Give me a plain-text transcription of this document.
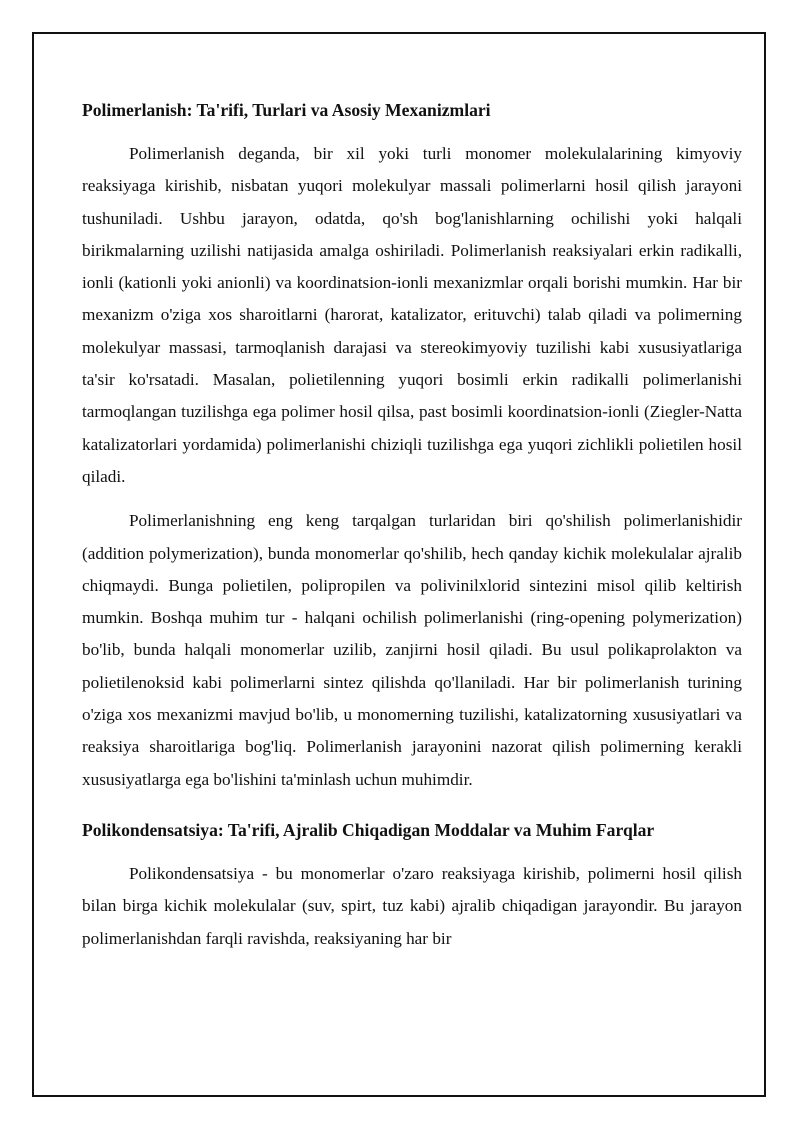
Polimerlanish: Ta'rifi, Turlari va Asosiy Mexanizmlari

Polimerlanish deganda, bir xil yoki turli monomer molekulalarining kimyoviy reaksiyaga kirishib, nisbatan yuqori molekulyar massali polimerlarni hosil qilish jarayoni tushuniladi. Ushbu jarayon, odatda, qo'sh bog'lanishlarning ochilishi yoki halqali birikmalarning uzilishi natijasida amalga oshiriladi. Polimerlanish reaksiyalari erkin radikalli, ionli (kationli yoki anionli) va koordinatsion-ionli mexanizmlar orqali borishi mumkin. Har bir mexanizm o'ziga xos sharoitlarni (harorat, katalizator, erituvchi) talab qiladi va polimerning molekulyar massasi, tarmoqlanish darajasi va stereokimyoviy tuzilishi kabi xususiyatlariga ta'sir ko'rsatadi. Masalan, polietilenning yuqori bosimli erkin radikalli polimerlanishi tarmoqlangan tuzilishga ega polimer hosil qilsa, past bosimli koordinatsion-ionli (Ziegler-Natta katalizatorlari yordamida) polimerlanishi chiziqli tuzilishga ega yuqori zichlikli polietilen hosil qiladi.

Polimerlanishning eng keng tarqalgan turlaridan biri qo'shilish polimerlanishidir (addition polymerization), bunda monomerlar qo'shilib, hech qanday kichik molekulalar ajralib chiqmaydi. Bunga polietilen, polipropilen va polivinilxlorid sintezini misol qilib keltirish mumkin. Boshqa muhim tur - halqani ochilish polimerlanishi (ring-opening polymerization) bo'lib, bunda halqali monomerlar uzilib, zanjirni hosil qiladi. Bu usul polikaprolakton va polietilenoksid kabi polimerlarni sintez qilishda qo'llaniladi. Har bir polimerlanish turining o'ziga xos mexanizmi mavjud bo'lib, u monomerning tuzilishi, katalizatorning xususiyatlari va reaksiya sharoitlariga bog'liq. Polimerlanish jarayonini nazorat qilish polimerning kerakli xususiyatlarga ega bo'lishini ta'minlash uchun muhimdir.

Polikondensatsiya: Ta'rifi, Ajralib Chiqadigan Moddalar va Muhim Farqlar

Polikondensatsiya - bu monomerlar o'zaro reaksiyaga kirishib, polimerni hosil qilish bilan birga kichik molekulalar (suv, spirt, tuz kabi) ajralib chiqadigan jarayondir. Bu jarayon polimerlanishdan farqli ravishda, reaksiyaning har bir
